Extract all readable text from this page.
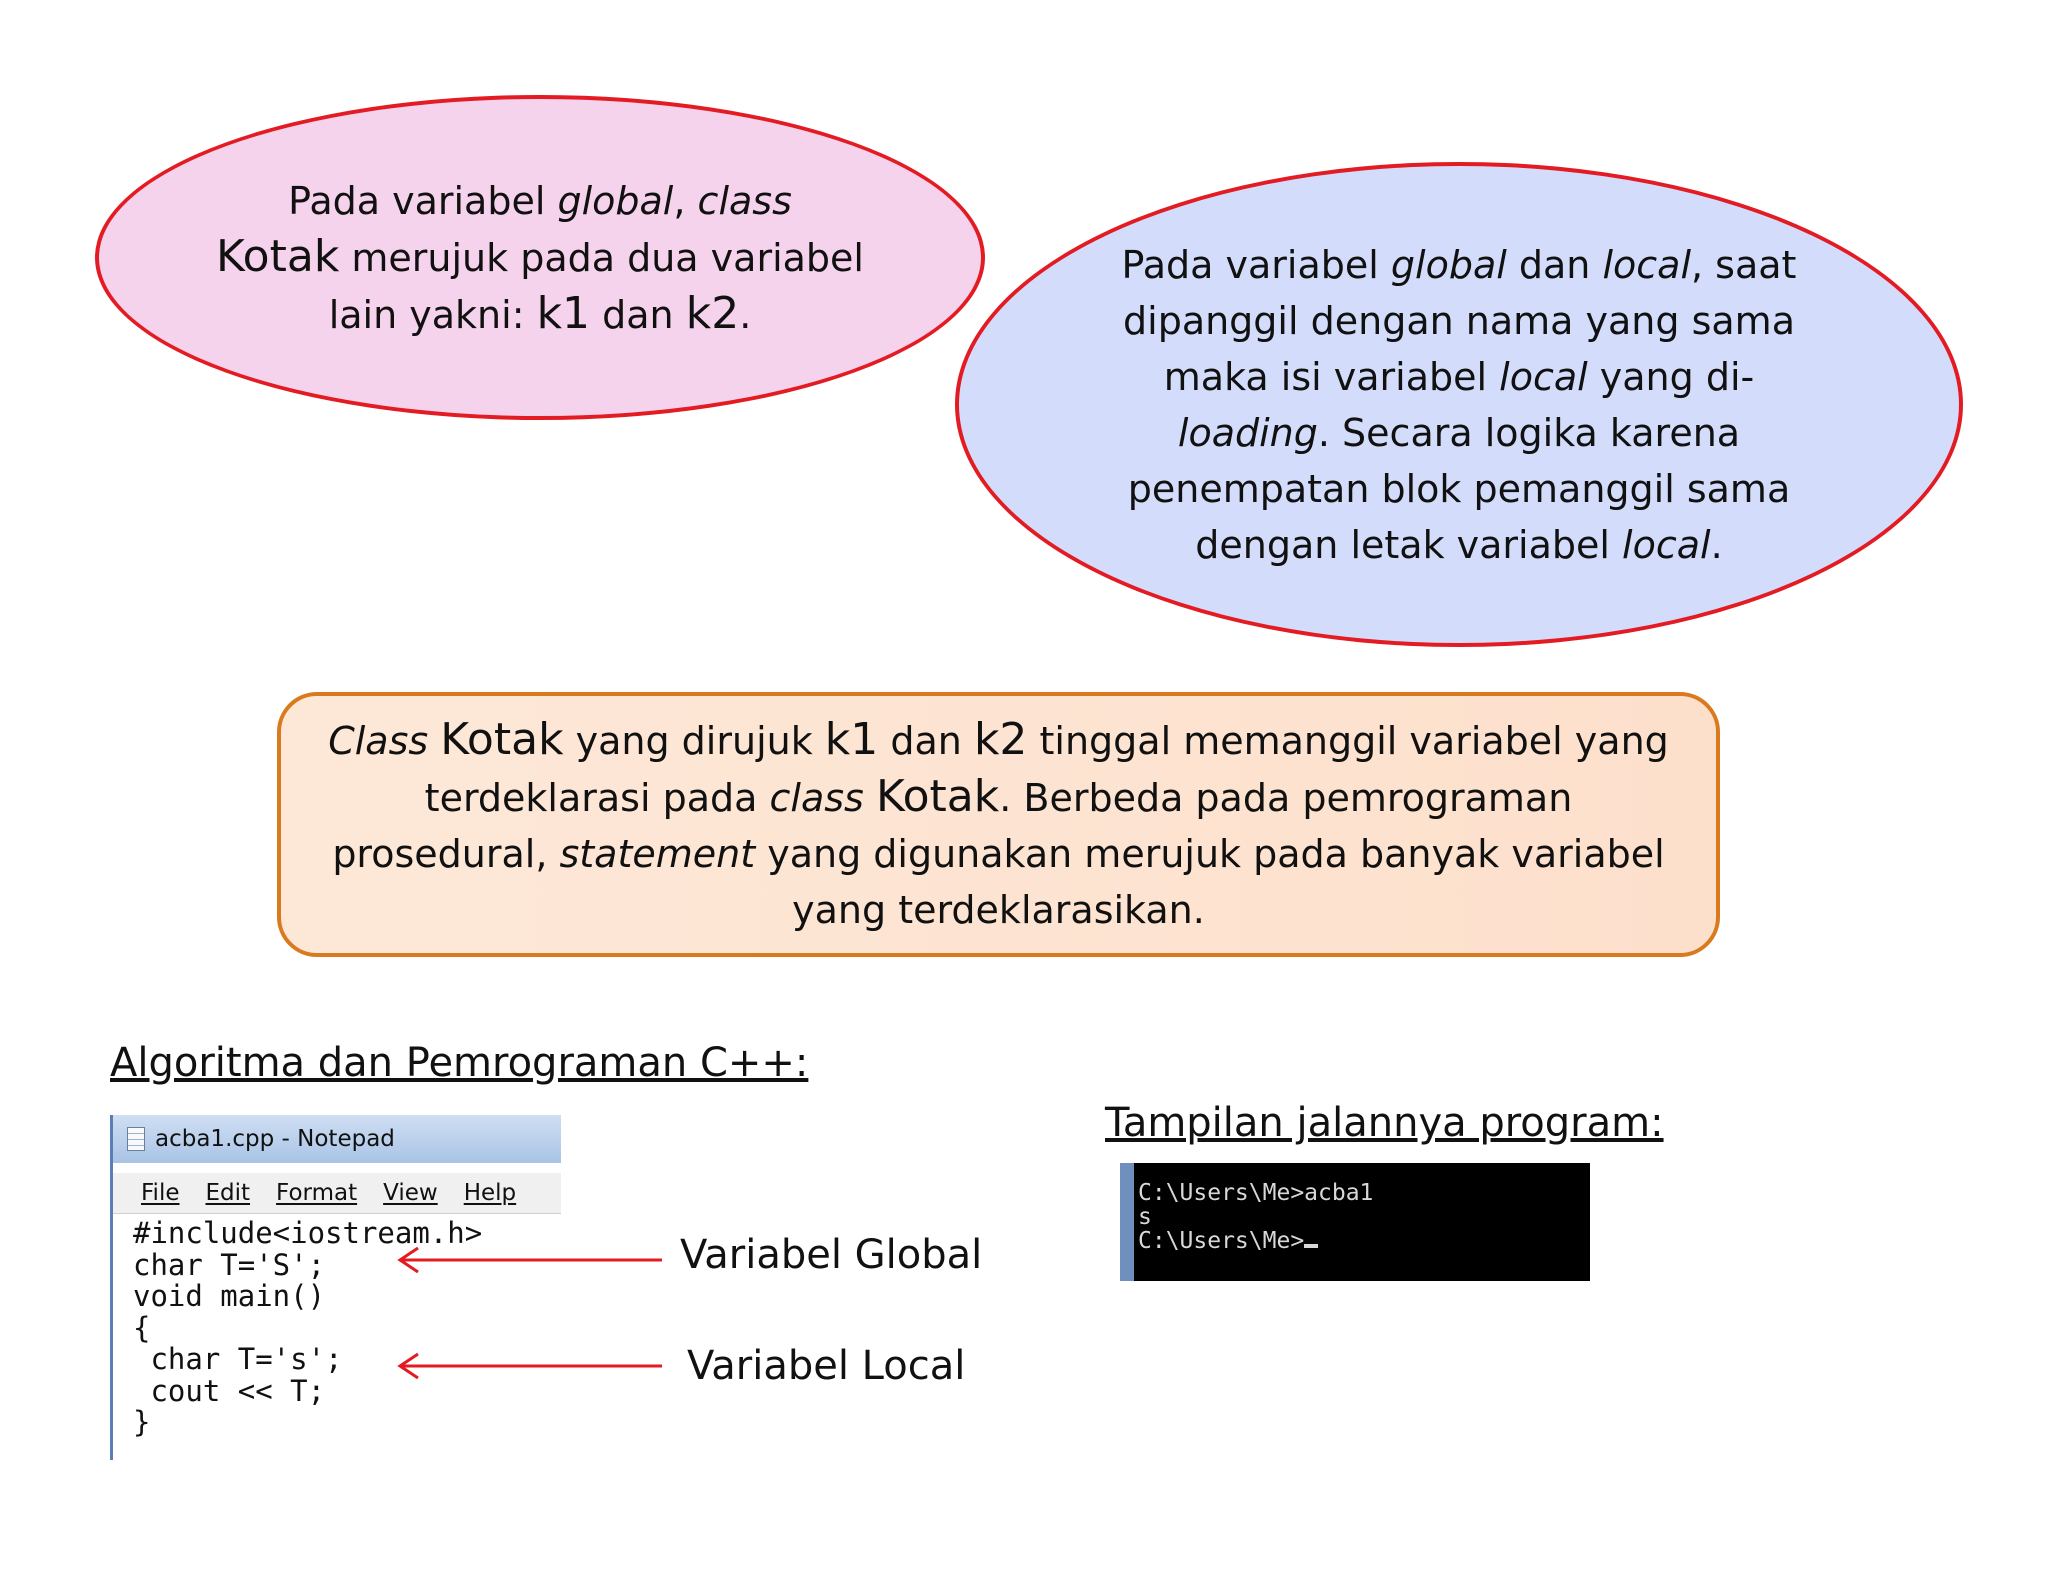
Pada variabel global, class
Kotak merujuk pada dua variabel lain yakni: k1 dan k2.
Pada variabel global dan local, saat dipanggil dengan nama yang sama maka isi variabel local yang di-loading. Secara logika karena penempatan blok pemanggil sama dengan letak variabel local.
Class Kotak yang dirujuk k1 dan k2 tinggal memanggil variabel yang terdeklarasi pada class Kotak. Berbeda pada pemrograman prosedural, statement yang digunakan merujuk pada banyak variabel yang terdeklarasikan.
Algoritma dan Pemrograman C++:
Tampilan jalannya program:
acba1.cpp - Notepad
File Edit Format View Help
#include<iostream.h>
char T='S';
void main()
{
char T='s';
cout << T;
}
Variabel Global
Variabel Local
C:\Users\Me>acba1
s
C:\Users\Me>
